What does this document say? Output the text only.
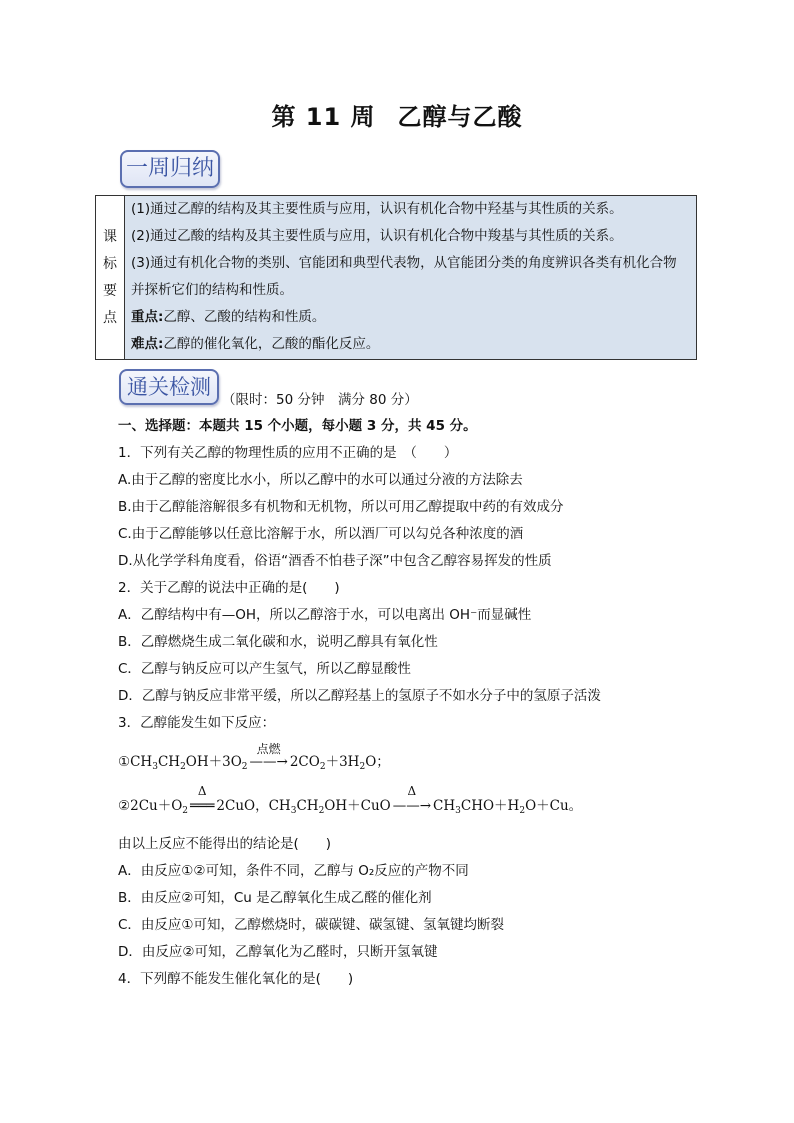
第 11 周 乙醇与乙酸
一周归纳
课
标
要
点
(1)通过乙醇的结构及其主要性质与应用，认识有机化合物中羟基与其性质的关系。
(2)通过乙酸的结构及其主要性质与应用，认识有机化合物中羧基与其性质的关系。
(3)通过有机化合物的类别、官能团和典型代表物，从官能团分类的角度辨识各类有机化合物
并探析它们的结构和性质。
重点:乙醇、乙酸的结构和性质。
难点:乙醇的催化氧化，乙酸的酯化反应。
通关检测
（限时：50 分钟　满分 80 分）
一、选择题：本题共 15 个小题，每小题 3 分，共 45 分。
1．下列有关乙醇的物理性质的应用不正确的是　（　　）
A.由于乙醇的密度比水小，所以乙醇中的水可以通过分液的方法除去
B.由于乙醇能溶解很多有机物和无机物，所以可用乙醇提取中药的有效成分
C.由于乙醇能够以任意比溶解于水，所以酒厂可以勾兑各种浓度的酒
D.从化学学科角度看，俗语“酒香不怕巷子深”中包含乙醇容易挥发的性质
2．关于乙醇的说法中正确的是(　　)
A．乙醇结构中有—OH，所以乙醇溶于水，可以电离出 OH⁻而显碱性
B．乙醇燃烧生成二氧化碳和水，说明乙醇具有氧化性
C．乙醇与钠反应可以产生氢气，所以乙醇显酸性
D．乙醇与钠反应非常平缓，所以乙醇羟基上的氢原子不如水分子中的氢原子活泼
3．乙醇能发生如下反应：
$①CH_3CH_2OH+3O_2$
点燃
——→ $2CO_2+3H_2O$；
$②2Cu+O_2$
Δ
═══ 2CuO，$CH_3CH_2OH+CuO$
Δ
——→ $CH_3CHO+H_2O+Cu$。
由以上反应不能得出的结论是(　　)
A．由反应①②可知，条件不同，乙醇与 O₂反应的产物不同
B．由反应②可知，Cu 是乙醇氧化生成乙醛的催化剂
C．由反应①可知，乙醇燃烧时，碳碳键、碳氢键、氢氧键均断裂
D．由反应②可知，乙醇氧化为乙醛时，只断开氢氧键
4．下列醇不能发生催化氧化的是(　　)
